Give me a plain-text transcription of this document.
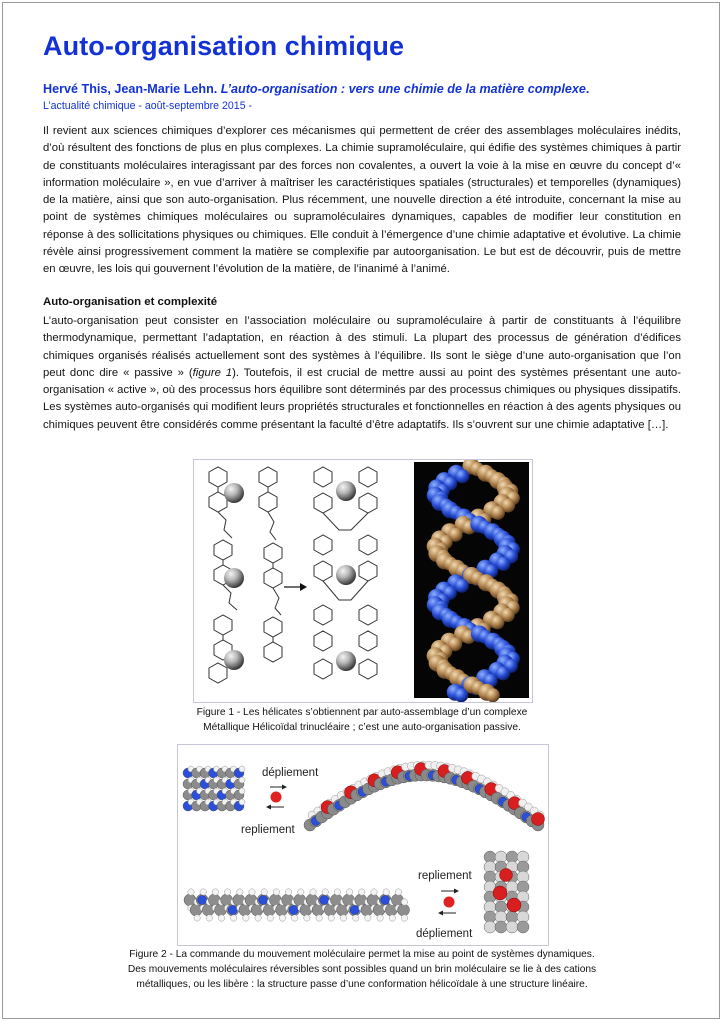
Auto-organisation chimique
Hervé This, Jean-Marie Lehn. L’auto-organisation : vers une chimie de la matière complexe.
L’actualité chimique - août-septembre 2015 -

Il revient aux sciences chimiques d’explorer ces mécanismes qui permettent de créer des assemblages moléculaires inédits, d’où résultent des fonctions de plus en plus complexes. La chimie supramoléculaire, qui édifie des systèmes chimiques à partir de constituants moléculaires interagissant par des forces non covalentes, a ouvert la voie à la mise en œuvre du concept d’« information moléculaire », en vue d’arriver à maîtriser les caractéristiques spatiales (structurales) et temporelles (dynamiques) de la matière, ainsi que son auto-organisation. Plus récemment, une nouvelle direction a été introduite, concernant la mise au point de systèmes chimiques moléculaires ou supramoléculaires dynamiques, capables de modifier leur constitution en réponse à des sollicitations physiques ou chimiques. Elle conduit à l’émergence d’une chimie adaptative et évolutive. La chimie révèle ainsi progressivement comment la matière se complexifie par autoorganisation. Le but est de découvrir, puis de mettre en œuvre, les lois qui gouvernent l’évolution de la matière, de l’inanimé à l’animé.

Auto-organisation et complexité

L’auto-organisation peut consister en l’association moléculaire ou supramoléculaire à partir de constituants à l’équilibre thermodynamique, permettant l’adaptation, en réaction à des stimuli. La plupart des processus de génération d’édifices chimiques organisés réalisés actuellement sont des systèmes à l’équilibre. Ils sont le siège d’une auto-organisation que l’on peut donc dire « passive » (figure 1). Toutefois, il est crucial de mettre aussi au point des systèmes présentant une auto-organisation « active », où des processus hors équilibre sont déterminés par des processus chimiques ou physiques dissipatifs. Les systèmes auto-organisés qui modifient leurs propriétés structurales et fonctionnelles en réaction à des agents physiques ou chimiques peuvent être considérés comme présentant la faculté d’être adaptatifs. Ils s’ouvrent sur une chimie adaptative […].

Figure 1 - Les hélicates s’obtiennent par auto-assemblage d’un complexe
Métallique Hélicoïdal trinucléaire ; c’est une auto-organisation passive.
dépliement
repliement
repliement
dépliement
Figure 2 - La commande du mouvement moléculaire permet la mise au point de systèmes dynamiques.
Des mouvements moléculaires réversibles sont possibles quand un brin moléculaire se lie à des cations
métalliques, ou les libère : la structure passe d’une conformation hélicoïdale à une structure linéaire.
